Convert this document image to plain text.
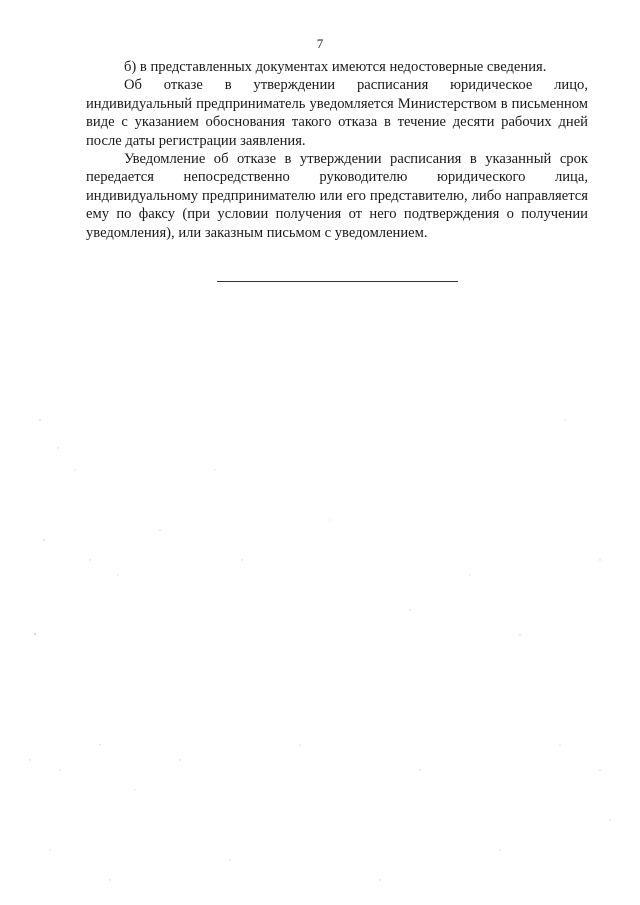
7

б) в представленных документах имеются недостоверные сведения.

Об отказе в утверждении расписания юридическое лицо, индивидуальный предприниматель уведомляется Министерством в письменном виде с указанием обоснования такого отказа в течение десяти рабочих дней после даты регистрации заявления.

Уведомление об отказе в утверждении расписания в указанный срок передается непосредственно руководителю юридического лица, индивидуальному предпринимателю или его представителю, либо направляется ему по факсу (при условии получения от него подтверждения о получении уведомления), или заказным письмом с уведомлением.
